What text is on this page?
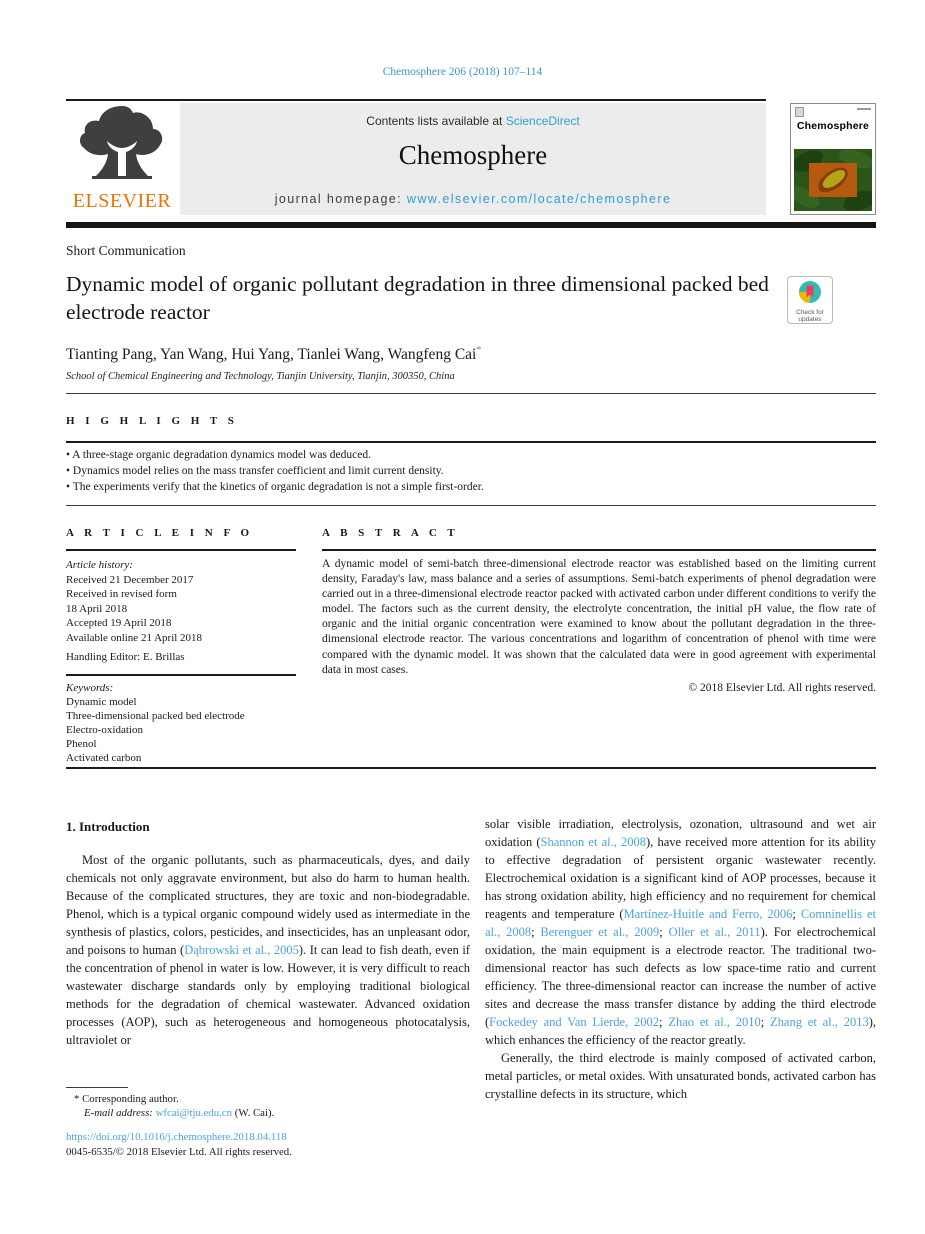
Chemosphere 206 (2018) 107–114
ELSEVIER
Contents lists available at ScienceDirect
Chemosphere
journal homepage: www.elsevier.com/locate/chemosphere
Chemosphere
Short Communication
Dynamic model of organic pollutant degradation in three dimensional packed bed electrode reactor	Check for
updates
Tianting Pang, Yan Wang, Hui Yang, Tianlei Wang, Wangfeng Cai*
School of Chemical Engineering and Technology, Tianjin University, Tianjin, 300350, China
H I G H L I G H T S
• A three-stage organic degradation dynamics model was deduced.
• Dynamics model relies on the mass transfer coefficient and limit current density.
• The experiments verify that the kinetics of organic degradation is not a simple first-order.
A R T I C L E I N F O
Article history:
Received 21 December 2017
Received in revised form
18 April 2018
Accepted 19 April 2018
Available online 21 April 2018
Handling Editor: E. Brillas
Keywords:
Dynamic model
Three-dimensional packed bed electrode
Electro-oxidation
Phenol
Activated carbon
A B S T R A C T
A dynamic model of semi-batch three-dimensional electrode reactor was established based on the limiting current density, Faraday's law, mass balance and a series of assumptions. Semi-batch experiments of phenol degradation were carried out in a three-dimensional electrode reactor packed with activated carbon under different conditions to verify the model. The factors such as the current density, the electrolyte concentration, the initial pH value, the flow rate of organic and the initial organic concentration were examined to know about the pollutant degradation in the three-dimensional electrode reactor. The various concentrations and logarithm of concentration of phenol with time were compared with the dynamic model. It was shown that the calculated data were in good agreement with experimental data in most cases.
© 2018 Elsevier Ltd. All rights reserved.
1. Introduction

Most of the organic pollutants, such as pharmaceuticals, dyes, and daily chemicals not only aggravate environment, but also do harm to human health. Because of the complicated structures, they are toxic and non-biodegradable. Phenol, which is a typical organic compound widely used as intermediate in the synthesis of plastics, colors, pesticides, and insecticides, has an unpleasant odor, and poisons to human (Dąbrowski et al., 2005). It can lead to fish death, even if the concentration of phenol in water is low. However, it is very difficult to reach wastewater discharge standards only by employing traditional biological methods for the degradation of chemical wastewater. Advanced oxidation processes (AOP), such as heterogeneous and homogeneous photocatalysis, ultraviolet or

solar visible irradiation, electrolysis, ozonation, ultrasound and wet air oxidation (Shannon et al., 2008), have received more attention for its ability to effective degradation of persistent organic wastewater recently. Electrochemical oxidation is a significant kind of AOP processes, because it has strong oxidation ability, high efficiency and no requirement for chemical reagents and temperature (Martínez-Huitle and Ferro, 2006; Comninellis et al., 2008; Berenguer et al., 2009; Oller et al., 2011). For electrochemical oxidation, the main equipment is a electrode reactor. The traditional two-dimensional reactor has such defects as low space-time ratio and current efficiency. The three-dimensional reactor can increase the number of active sites and decrease the mass transfer distance by adding the third electrode (Fockedey and Van Lierde, 2002; Zhao et al., 2010; Zhang et al., 2013), which enhances the efficiency of the reactor greatly.

Generally, the third electrode is mainly composed of activated carbon, metal particles, or metal oxides. With unsaturated bonds, activated carbon has crystalline defects in its structure, which

* Corresponding author.
E-mail address: wfcai@tju.edu.cn (W. Cai).
https://doi.org/10.1016/j.chemosphere.2018.04.118
0045-6535/© 2018 Elsevier Ltd. All rights reserved.
